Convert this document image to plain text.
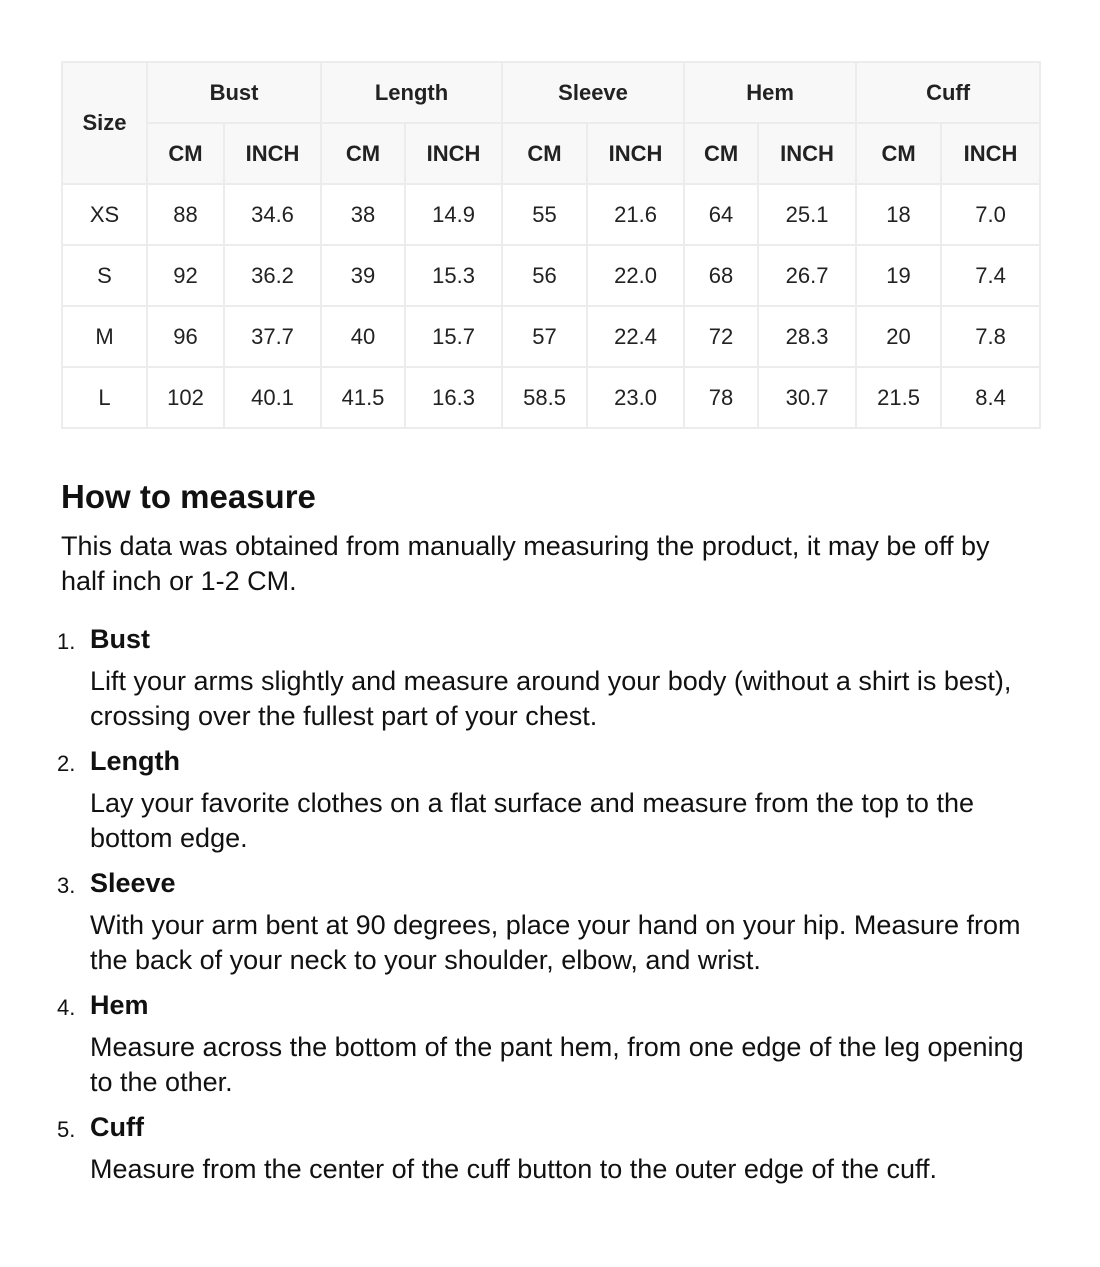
Size	Bust		Length		Sleeve		Hem		Cuff	
	CM	INCH	CM	INCH	CM	INCH	CM	INCH	CM	INCH
XS	88	34.6	38	14.9	55	21.6	64	25.1	18	7.0
S	92	36.2	39	15.3	56	22.0	68	26.7	19	7.4
M	96	37.7	40	15.7	57	22.4	72	28.3	20	7.8
L	102	40.1	41.5	16.3	58.5	23.0	78	30.7	21.5	8.4
How to measure

This data was obtained from manually measuring the product, it may be off by half inch or 1-2 CM.

1. Bust
Lift your arms slightly and measure around your body (without a shirt is best), crossing over the fullest part of your chest.
2. Length
Lay your favorite clothes on a flat surface and measure from the top to the bottom edge.
3. Sleeve
With your arm bent at 90 degrees, place your hand on your hip. Measure from the back of your neck to your shoulder, elbow, and wrist.
4. Hem
Measure across the bottom of the pant hem, from one edge of the leg opening to the other.
5. Cuff
Measure from the center of the cuff button to the outer edge of the cuff.
